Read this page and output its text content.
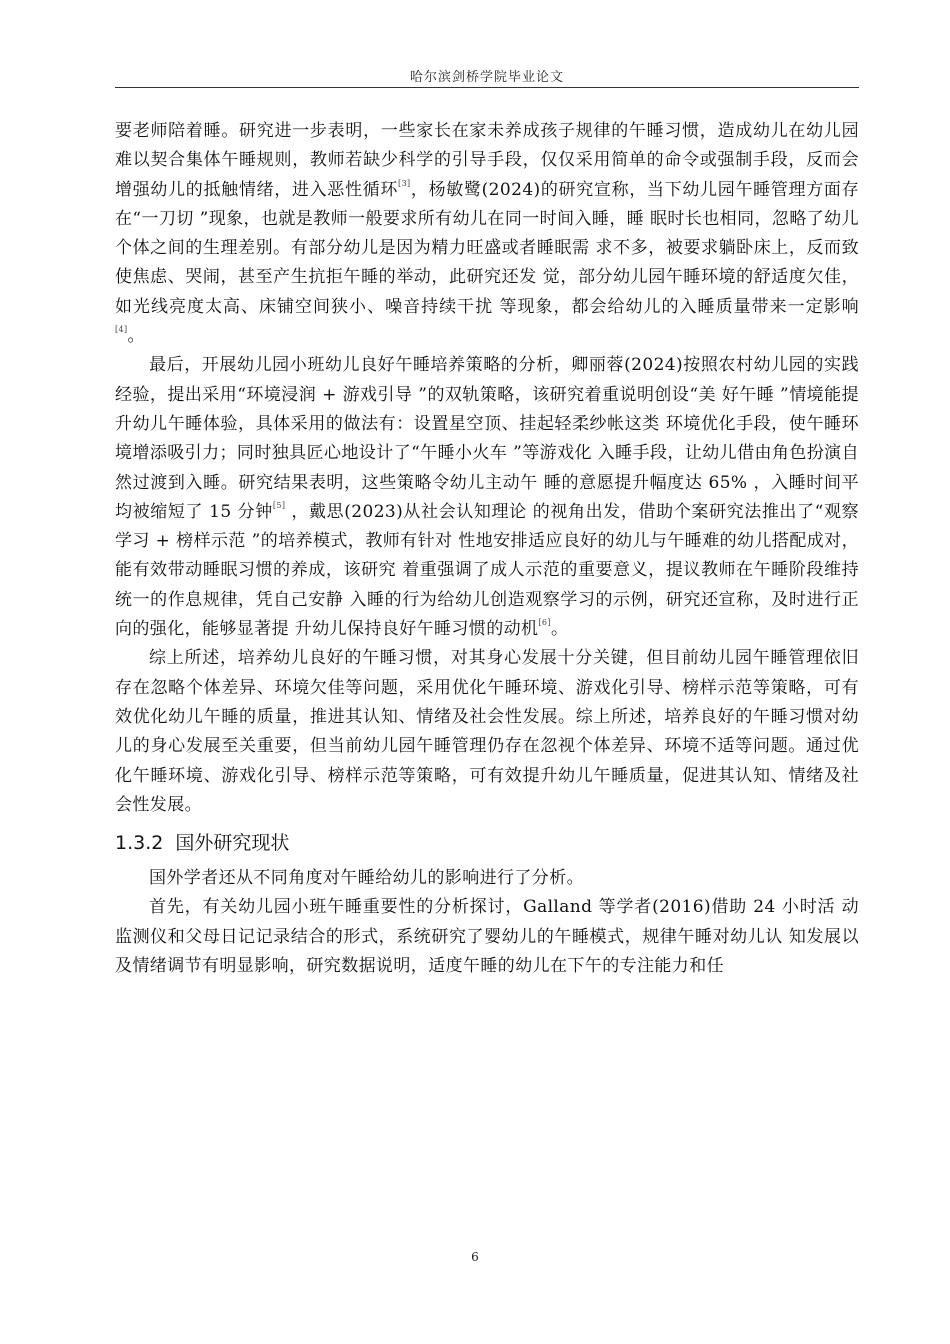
哈尔滨剑桥学院毕业论文

要老师陪着睡。研究进一步表明，一些家长在家未养成孩子规律的午睡习惯，造成幼儿在幼儿园难以契合集体午睡规则，教师若缺少科学的引导手段，仅仅采用简单的命令或强制手段，反而会增强幼儿的抵触情绪，进入恶性循环[3]，杨敏鹭(2024)的研究宣称，当下幼儿园午睡管理方面存在“一刀切 ”现象，也就是教师一般要求所有幼儿在同一时间入睡，睡 眠时长也相同，忽略了幼儿个体之间的生理差别。有部分幼儿是因为精力旺盛或者睡眠需 求不多，被要求躺卧床上，反而致使焦虑、哭闹，甚至产生抗拒午睡的举动，此研究还发 觉，部分幼儿园午睡环境的舒适度欠佳，如光线亮度太高、床铺空间狭小、噪音持续干扰 等现象，都会给幼儿的入睡质量带来一定影响[4]。

最后，开展幼儿园小班幼儿良好午睡培养策略的分析，卿丽蓉(2024)按照农村幼儿园的实践经验，提出采用“环境浸润 + 游戏引导 ”的双轨策略，该研究着重说明创设“美 好午睡 ”情境能提升幼儿午睡体验，具体采用的做法有：设置星空顶、挂起轻柔纱帐这类 环境优化手段，使午睡环境增添吸引力；同时独具匠心地设计了“午睡小火车 ”等游戏化 入睡手段，让幼儿借由角色扮演自然过渡到入睡。研究结果表明，这些策略令幼儿主动午 睡的意愿提升幅度达 65% ，入睡时间平均被缩短了 15 分钟[5] ，戴思(2023)从社会认知理论 的视角出发，借助个案研究法推出了“观察学习 + 榜样示范 ”的培养模式，教师有针对 性地安排适应良好的幼儿与午睡难的幼儿搭配成对，能有效带动睡眠习惯的养成，该研究 着重强调了成人示范的重要意义，提议教师在午睡阶段维持统一的作息规律，凭自己安静 入睡的行为给幼儿创造观察学习的示例，研究还宣称，及时进行正向的强化，能够显著提 升幼儿保持良好午睡习惯的动机[6]。

综上所述，培养幼儿良好的午睡习惯，对其身心发展十分关键，但目前幼儿园午睡管理依旧存在忽略个体差异、环境欠佳等问题，采用优化午睡环境、游戏化引导、榜样示范等策略，可有效优化幼儿午睡的质量，推进其认知、情绪及社会性发展。综上所述，培养良好的午睡习惯对幼儿的身心发展至关重要，但当前幼儿园午睡管理仍存在忽视个体差异、环境不适等问题。通过优化午睡环境、游戏化引导、榜样示范等策略，可有效提升幼儿午睡质量，促进其认知、情绪及社会性发展。

1.3.2 国外研究现状

国外学者还从不同角度对午睡给幼儿的影响进行了分析。

首先，有关幼儿园小班午睡重要性的分析探讨，Galland 等学者(2016)借助 24 小时活 动监测仪和父母日记记录结合的形式，系统研究了婴幼儿的午睡模式，规律午睡对幼儿认 知发展以及情绪调节有明显影响，研究数据说明，适度午睡的幼儿在下午的专注能力和任

6
